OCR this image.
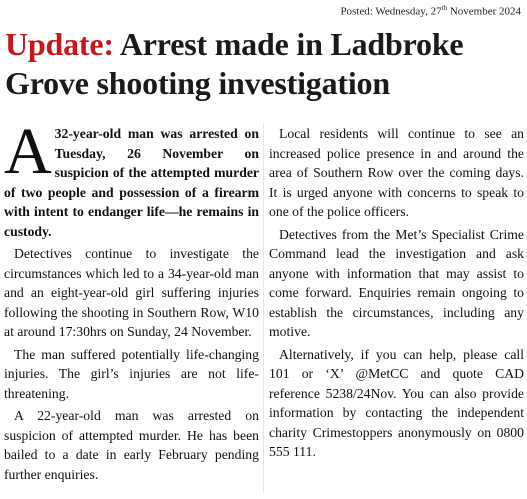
Posted: Wednesday, 27th November 2024
Update: Arrest made in Ladbroke Grove shooting investigation

A 32-year-old man was arrested on Tuesday, 26 November on suspicion of the attempted murder of two people and possession of a firearm with intent to endanger life—he remains in custody.

Detectives continue to investigate the circumstances which led to a 34-year-old man and an eight-year-old girl suffering injuries following the shooting in Southern Row, W10 at around 17:30hrs on Sunday, 24 November.

The man suffered potentially life-changing injuries. The girl’s injuries are not life-threatening.

A 22-year-old man was arrested on suspicion of attempted murder. He has been bailed to a date in early February pending further enquiries.

Local residents will continue to see an increased police presence in and around the area of Southern Row over the coming days. It is urged anyone with concerns to speak to one of the police officers.

Detectives from the Met’s Specialist Crime Command lead the investigation and ask anyone with information that may assist to come forward. Enquiries remain ongoing to establish the circumstances, including any motive.

Alternatively, if you can help, please call 101 or ‘X’ @MetCC and quote CAD reference 5238/24Nov. You can also provide information by contacting the independent charity Crimestoppers anonymously on 0800 555 111.
